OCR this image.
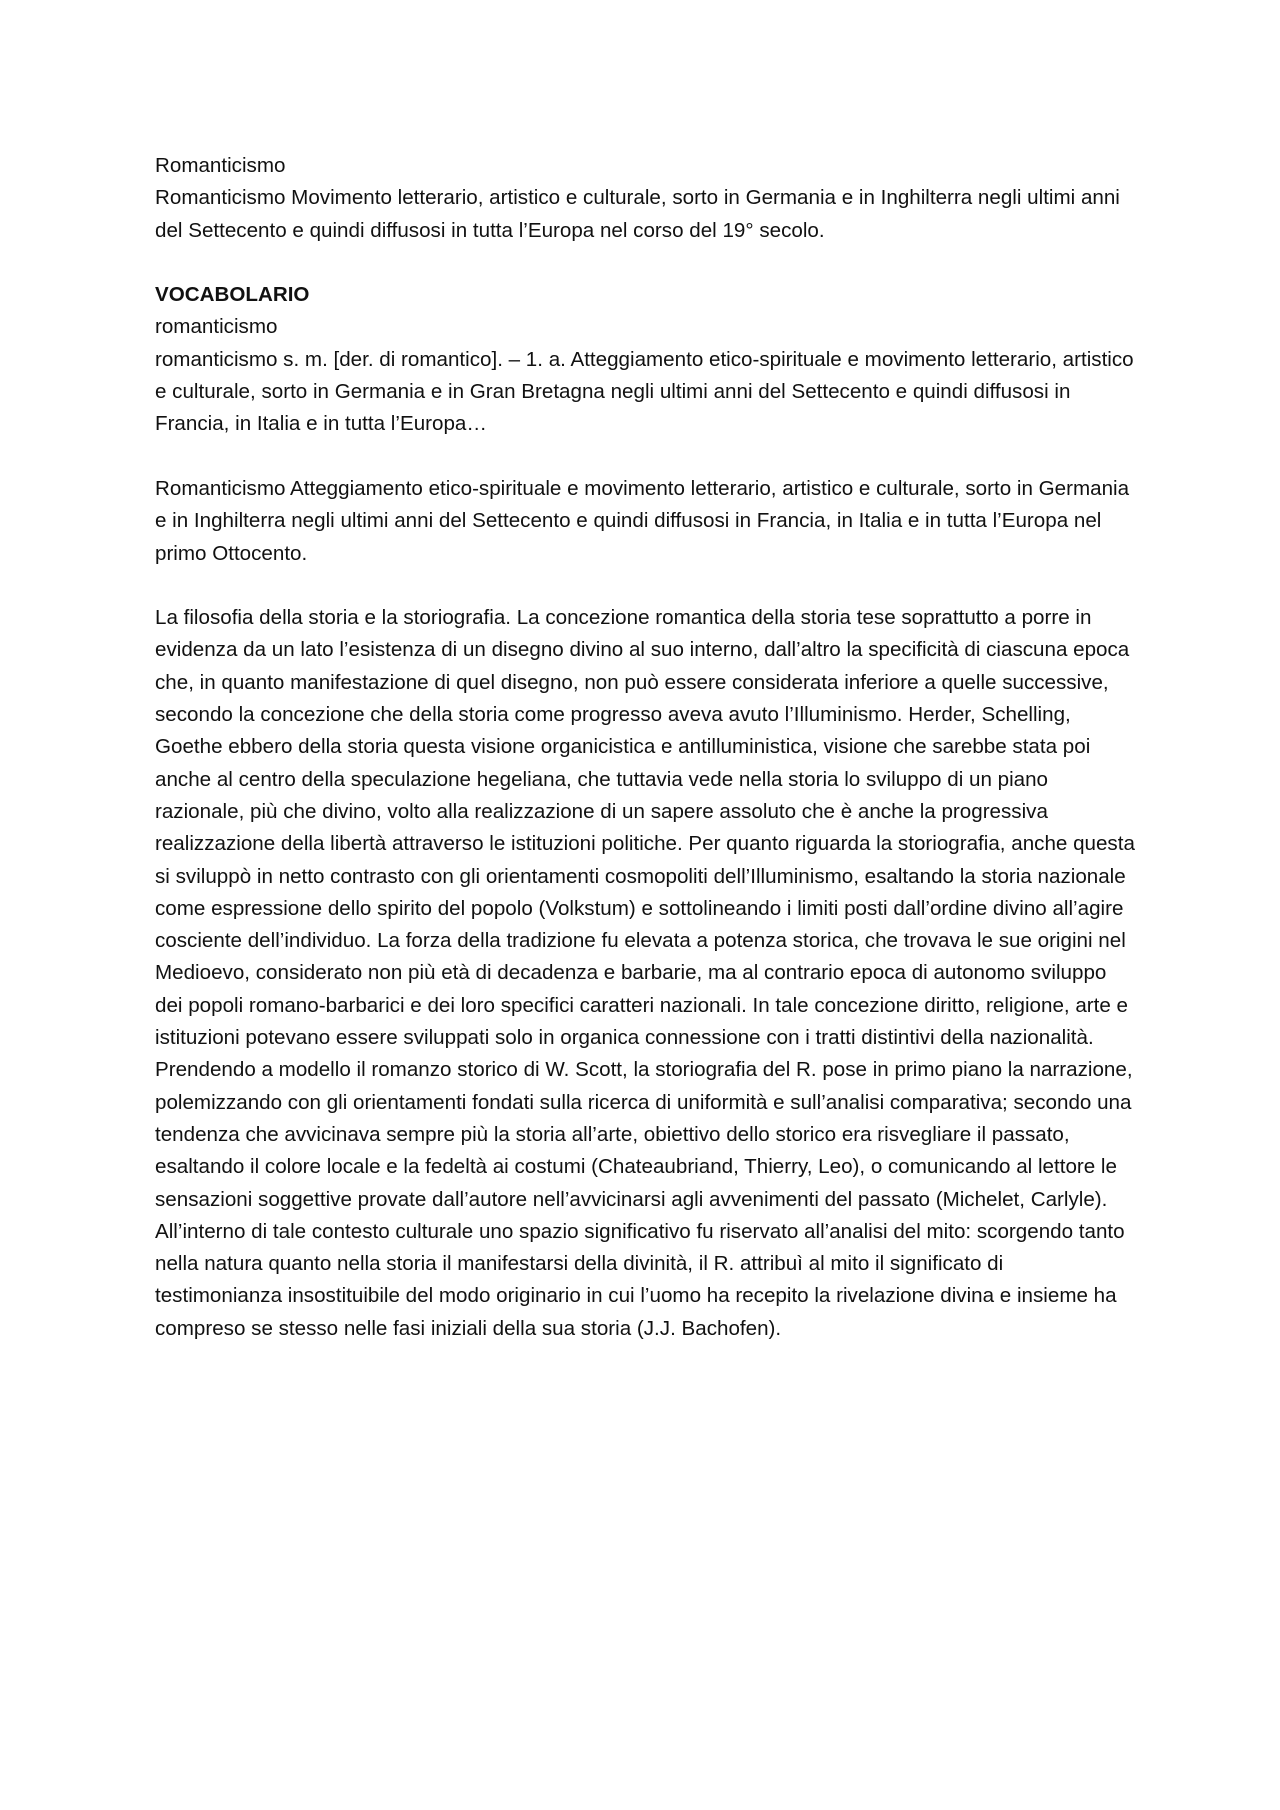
Romanticismo

Romanticismo Movimento letterario, artistico e culturale, sorto in Germania e in Inghilterra negli ultimi anni del Settecento e quindi diffusosi in tutta l’Europa nel corso del 19° secolo.

VOCABOLARIO

romanticismo

romanticismo s. m. [der. di romantico]. – 1. a. Atteggiamento etico-spirituale e movimento letterario, artistico e culturale, sorto in Germania e in Gran Bretagna negli ultimi anni del Settecento e quindi diffusosi in Francia, in Italia e in tutta l’Europa…

Romanticismo Atteggiamento etico-spirituale e movimento letterario, artistico e culturale, sorto in Germania e in Inghilterra negli ultimi anni del Settecento e quindi diffusosi in Francia, in Italia e in tutta l’Europa nel primo Ottocento.

La filosofia della storia e la storiografia. La concezione romantica della storia tese soprattutto a porre in evidenza da un lato l’esistenza di un disegno divino al suo interno, dall’altro la specificità di ciascuna epoca che, in quanto manifestazione di quel disegno, non può essere considerata inferiore a quelle successive, secondo la concezione che della storia come progresso aveva avuto l’Illuminismo. Herder, Schelling, Goethe ebbero della storia questa visione organicistica e antilluministica, visione che sarebbe stata poi anche al centro della speculazione hegeliana, che tuttavia vede nella storia lo sviluppo di un piano razionale, più che divino, volto alla realizzazione di un sapere assoluto che è anche la progressiva realizzazione della libertà attraverso le istituzioni politiche. Per quanto riguarda la storiografia, anche questa si sviluppò in netto contrasto con gli orientamenti cosmopoliti dell’Illuminismo, esaltando la storia nazionale come espressione dello spirito del popolo (Volkstum) e sottolineando i limiti posti dall’ordine divino all’agire cosciente dell’individuo. La forza della tradizione fu elevata a potenza storica, che trovava le sue origini nel Medioevo, considerato non più età di decadenza e barbarie, ma al contrario epoca di autonomo sviluppo dei popoli romano-barbarici e dei loro specifici caratteri nazionali. In tale concezione diritto, religione, arte e istituzioni potevano essere sviluppati solo in organica connessione con i tratti distintivi della nazionalità. Prendendo a modello il romanzo storico di W. Scott, la storiografia del R. pose in primo piano la narrazione, polemizzando con gli orientamenti fondati sulla ricerca di uniformità e sull’analisi comparativa; secondo una tendenza che avvicinava sempre più la storia all’arte, obiettivo dello storico era risvegliare il passato, esaltando il colore locale e la fedeltà ai costumi (Chateaubriand, Thierry, Leo), o comunicando al lettore le sensazioni soggettive provate dall’autore nell’avvicinarsi agli avvenimenti del passato (Michelet, Carlyle). All’interno di tale contesto culturale uno spazio significativo fu riservato all’analisi del mito: scorgendo tanto nella natura quanto nella storia il manifestarsi della divinità, il R. attribuì al mito il significato di testimonianza insostituibile del modo originario in cui l’uomo ha recepito la rivelazione divina e insieme ha compreso se stesso nelle fasi iniziali della sua storia (J.J. Bachofen).
